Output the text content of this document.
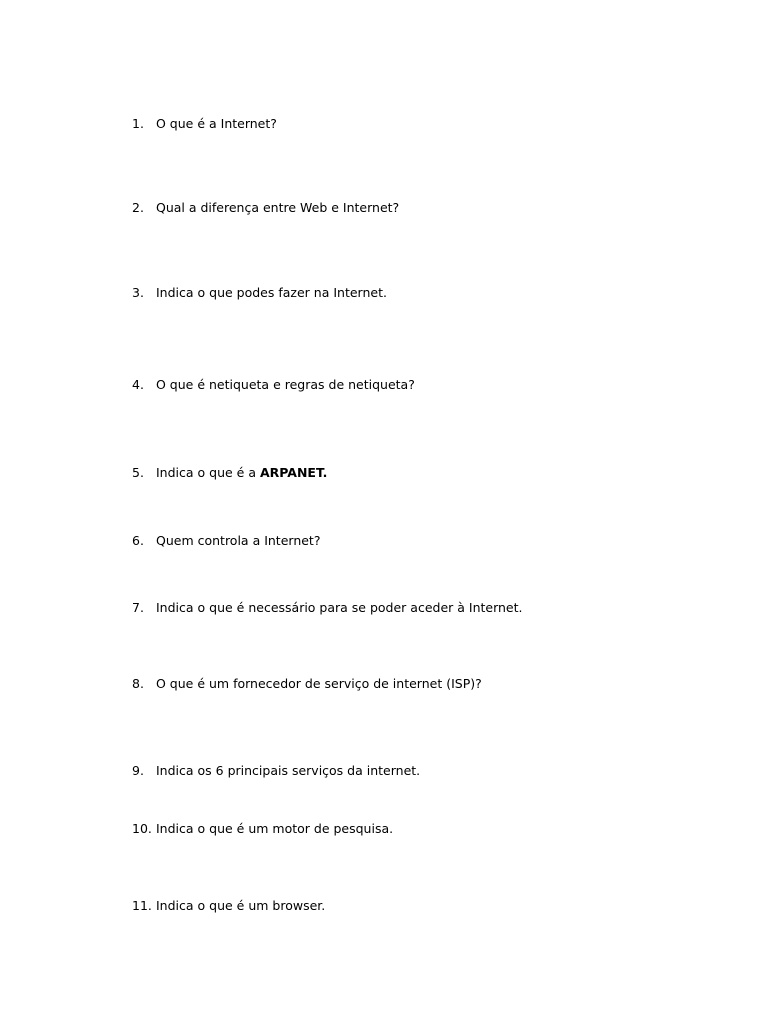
1. O que é a Internet?
2. Qual a diferença entre Web e Internet?
3. Indica o que podes fazer na Internet.
4. O que é netiqueta e regras de netiqueta?
5. Indica o que é a ARPANET.
6. Quem controla a Internet?
7. Indica o que é necessário para se poder aceder à Internet.
8. O que é um fornecedor de serviço de internet (ISP)?
9. Indica os 6 principais serviços da internet.
10. Indica o que é um motor de pesquisa.
11. Indica o que é um browser.
